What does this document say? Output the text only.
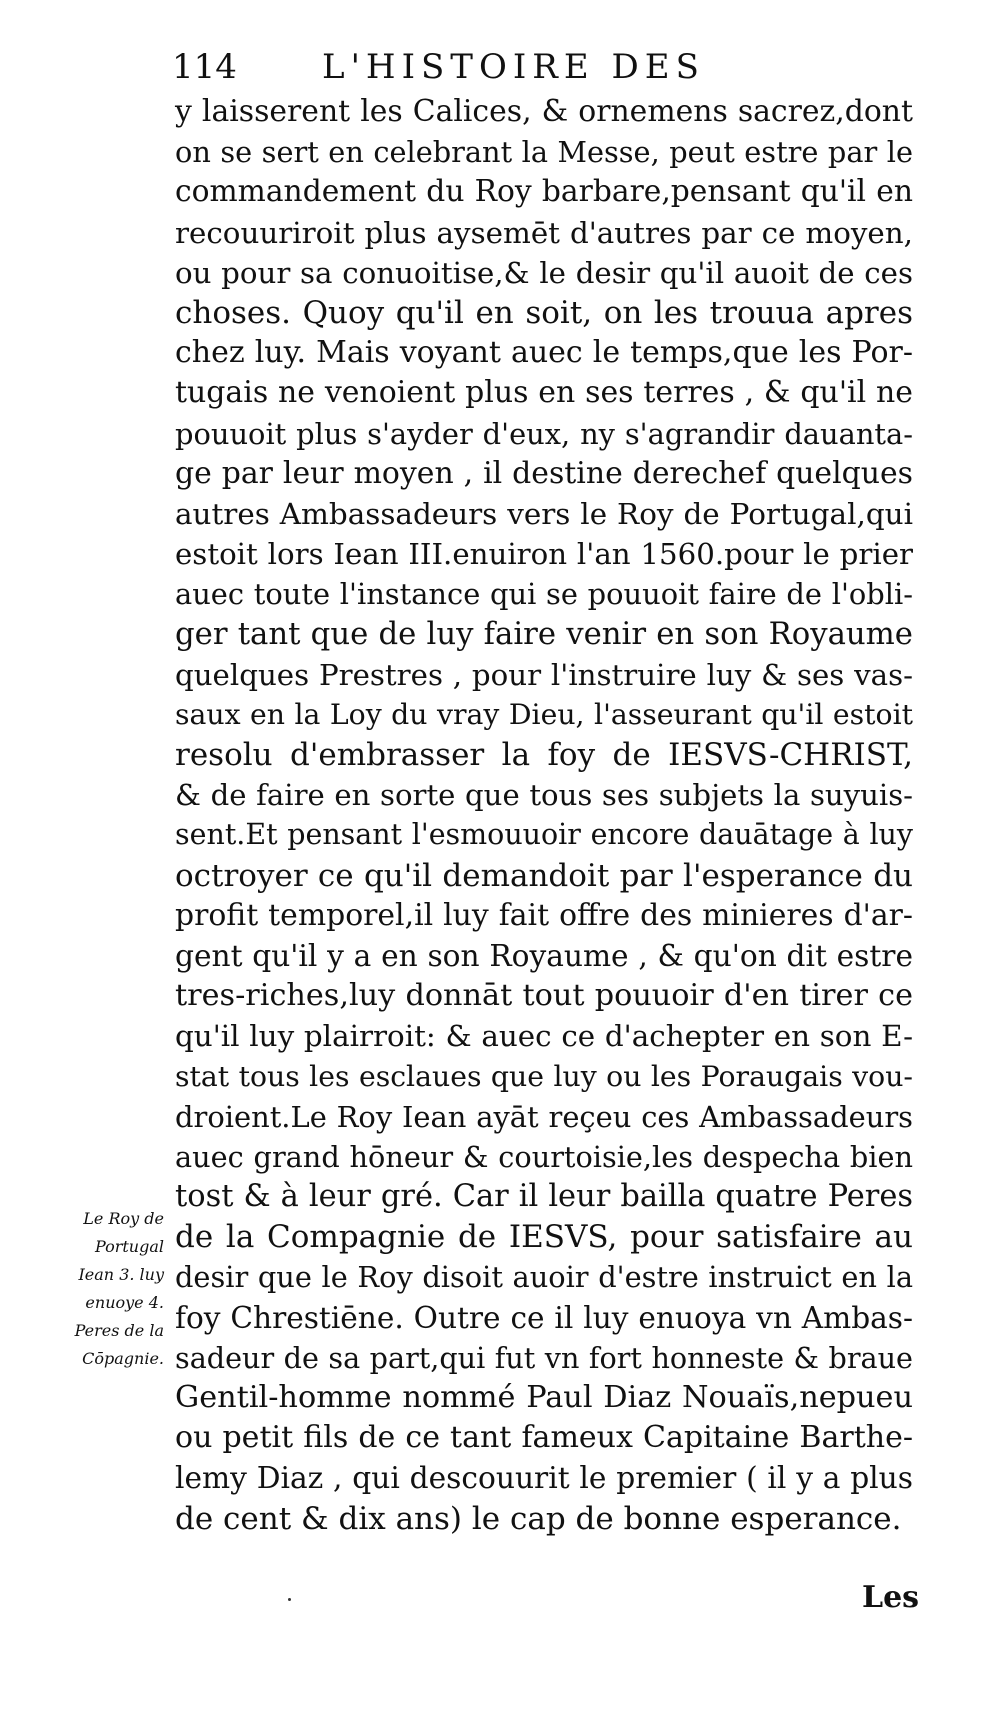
114	L'HISTOIRE DES
y laisserent les Calices, & ornemens sacrez,dont
on se sert en celebrant la Messe, peut estre par le
commandement du Roy barbare,pensant qu'il en
recouuriroit plus aysemēt d'autres par ce moyen,
ou pour sa conuoitise,& le desir qu'il auoit de ces
choses. Quoy qu'il en soit, on les trouua apres
chez luy. Mais voyant auec le temps,que les Por-
tugais ne venoient plus en ses terres , & qu'il ne
pouuoit plus s'ayder d'eux, ny s'agrandir dauanta-
ge par leur moyen , il destine derechef quelques
autres Ambassadeurs vers le Roy de Portugal,qui
estoit lors Iean III.enuiron l'an 1560.pour le prier
auec toute l'instance qui se pouuoit faire de l'obli-
ger tant que de luy faire venir en son Royaume
quelques Prestres , pour l'instruire luy & ses vas-
saux en la Loy du vray Dieu, l'asseurant qu'il estoit
resolu d'embrasser la foy de IESVS-CHRIST,
& de faire en sorte que tous ses subjets la suyuis-
sent.Et pensant l'esmouuoir encore dauātage à luy
octroyer ce qu'il demandoit par l'esperance du
profit temporel,il luy fait offre des minieres d'ar-
gent qu'il y a en son Royaume , & qu'on dit estre
tres-riches,luy donnāt tout pouuoir d'en tirer ce
qu'il luy plairroit: & auec ce d'achepter en son E-
stat tous les esclaues que luy ou les Poraugais vou-
droient.Le Roy Iean ayāt reçeu ces Ambassadeurs
auec grand hōneur & courtoisie,les despecha bien
tost & à leur gré. Car il leur bailla quatre Peres
de la Compagnie de IESVS, pour satisfaire au
desir que le Roy disoit auoir d'estre instruict en la
foy Chrestiēne. Outre ce il luy enuoya vn Ambas-
sadeur de sa part,qui fut vn fort honneste & braue
Gentil-homme nommé Paul Diaz Nouaïs,nepueu
ou petit fils de ce tant fameux Capitaine Barthe-
lemy Diaz , qui descouurit le premier ( il y a plus
de cent & dix ans) le cap de bonne esperance.
Le Roy de
Portugal
Iean 3. luy
enuoye 4.
Peres de la
Cōpagnie.
Les
